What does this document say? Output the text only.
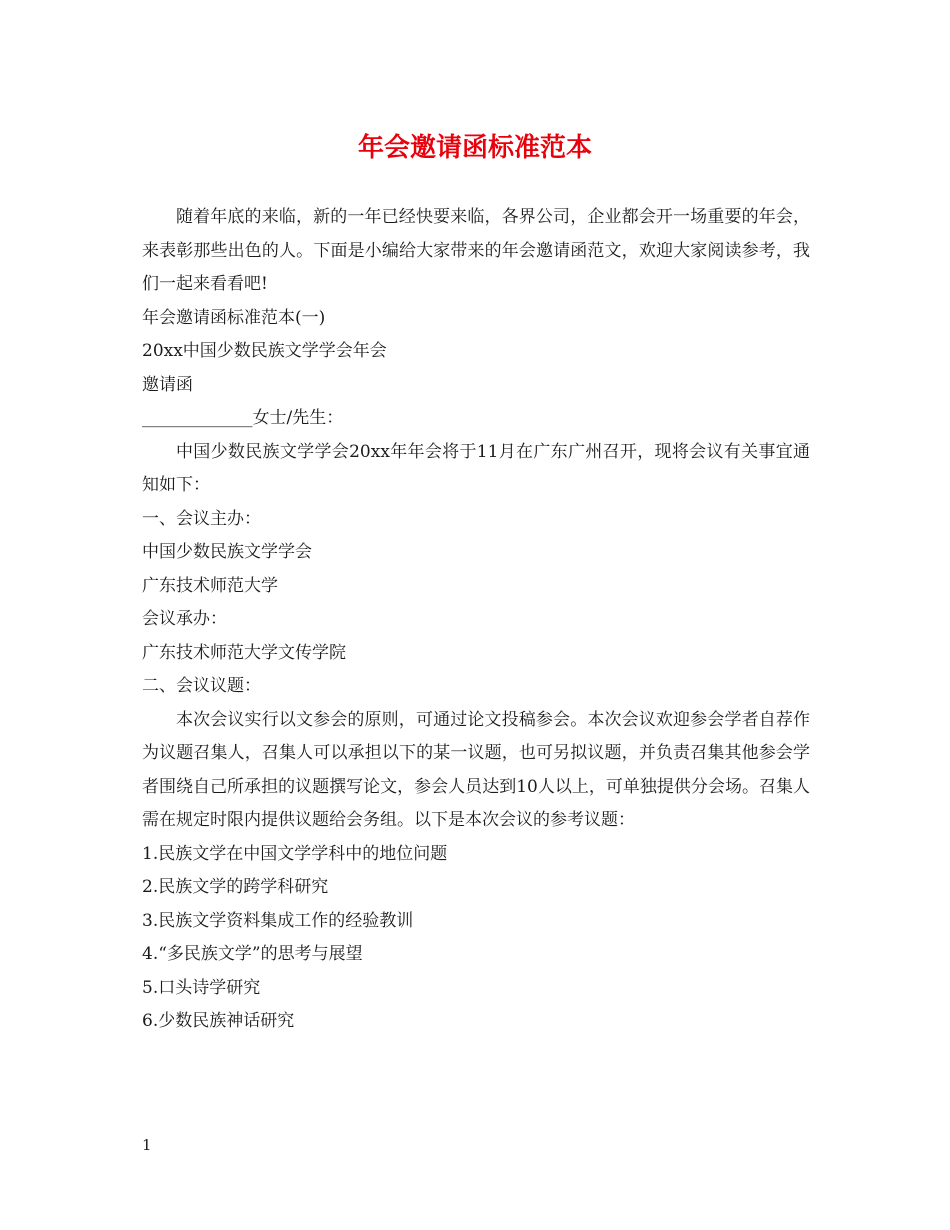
年会邀请函标准范本

随着年底的来临，新的一年已经快要来临，各界公司，企业都会开一场重要的年会，来表彰那些出色的人。下面是小编给大家带来的年会邀请函范文，欢迎大家阅读参考，我们一起来看看吧!

年会邀请函标准范本(一)

20xx中国少数民族文学学会年会

邀请函

_____________女士/先生：

中国少数民族文学学会20xx年年会将于11月在广东广州召开，现将会议有关事宜通知如下：

一、会议主办：

中国少数民族文学学会

广东技术师范大学

会议承办：

广东技术师范大学文传学院

二、会议议题：

本次会议实行以文参会的原则，可通过论文投稿参会。本次会议欢迎参会学者自荐作为议题召集人，召集人可以承担以下的某一议题，也可另拟议题，并负责召集其他参会学者围绕自己所承担的议题撰写论文，参会人员达到10人以上，可单独提供分会场。召集人需在规定时限内提供议题给会务组。以下是本次会议的参考议题：

1.民族文学在中国文学学科中的地位问题

2.民族文学的跨学科研究

3.民族文学资料集成工作的经验教训

4.“多民族文学”的思考与展望

5.口头诗学研究

6.少数民族神话研究

1
